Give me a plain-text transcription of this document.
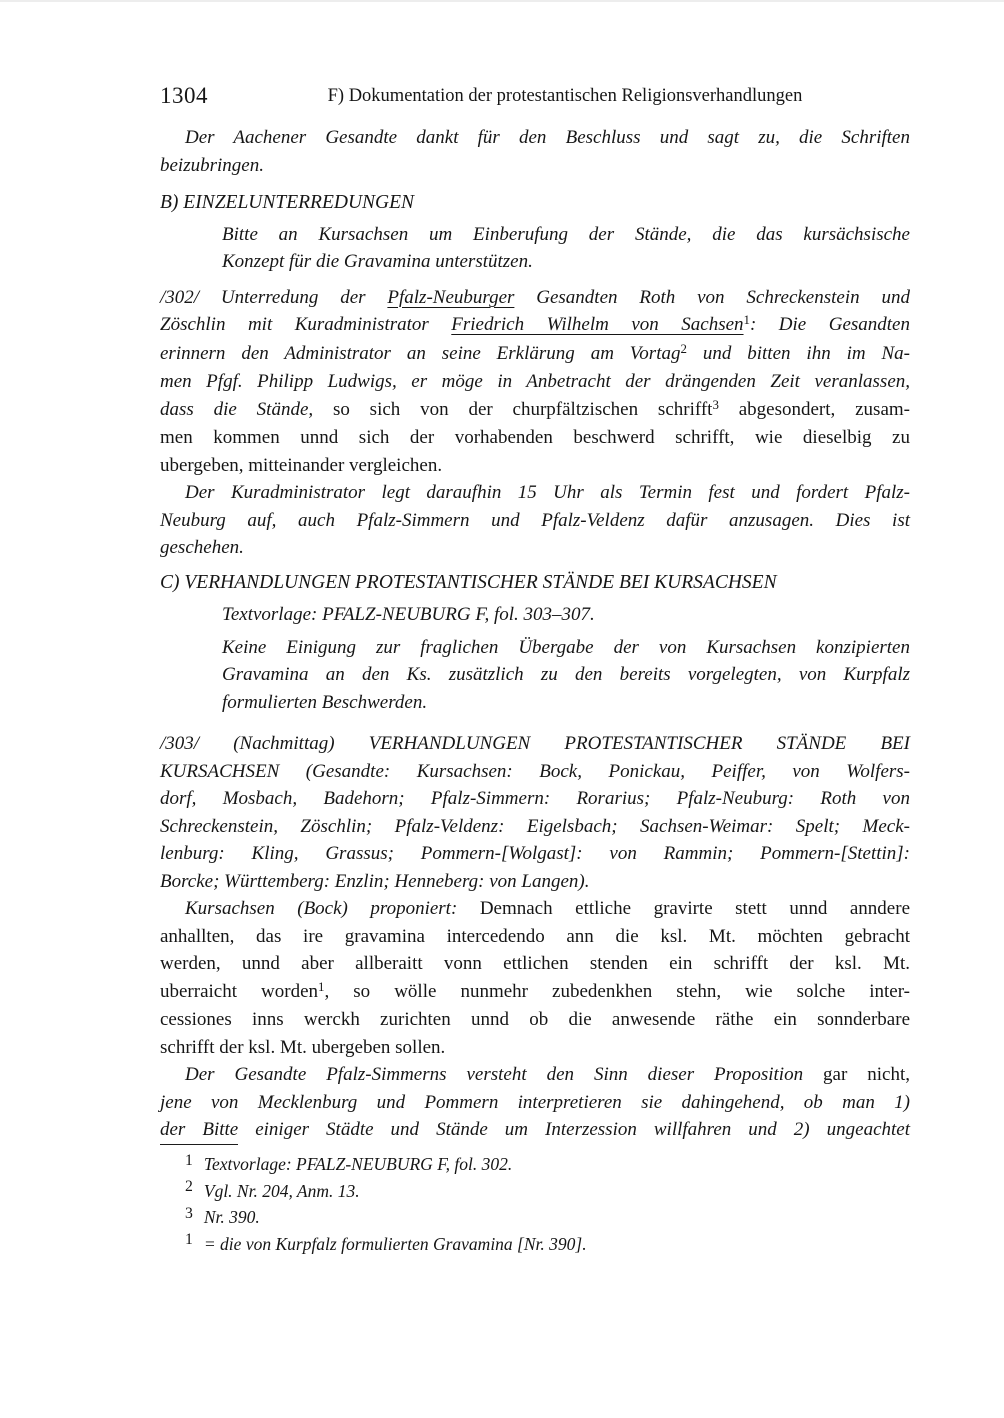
1304	F) Dokumentation der protestantischen Religionsverhandlungen
Der Aachener Gesandte dankt für den Beschluss und sagt zu, die Schriften
beizubringen.
B) EINZELUNTERREDUNGEN
Bitte an Kursachsen um Einberufung der Stände, die das kursächsische
Konzept für die Gravamina unterstützen.
/302/ Unterredung der Pfalz-Neuburger Gesandten Roth von Schreckenstein und
Zöschlin mit Kuradministrator Friedrich Wilhelm von Sachsen$^1$: Die Gesandten
erinnern den Administrator an seine Erklärung am Vortag$^2$ und bitten ihn im Na-
men Pfgf. Philipp Ludwigs, er möge in Anbetracht der drängenden Zeit veranlassen,
dass die Stände, so sich von der churpfältzischen schrifft$^3$ abgesondert, zusam-
men kommen unnd sich der vorhabenden beschwerd schrifft, wie dieselbig zu
ubergeben, mitteinander vergleichen.
Der Kuradministrator legt daraufhin 15 Uhr als Termin fest und fordert Pfalz-
Neuburg auf, auch Pfalz-Simmern und Pfalz-Veldenz dafür anzusagen. Dies ist
geschehen.
C) VERHANDLUNGEN PROTESTANTISCHER STÄNDE BEI KURSACHSEN
Textvorlage: PFALZ-NEUBURG F, fol. 303–307.
Keine Einigung zur fraglichen Übergabe der von Kursachsen konzipierten
Gravamina an den Ks. zusätzlich zu den bereits vorgelegten, von Kurpfalz
formulierten Beschwerden.
/303/ (Nachmittag) VERHANDLUNGEN PROTESTANTISCHER STÄNDE BEI
KURSACHSEN (Gesandte: Kursachsen: Bock, Ponickau, Peiffer, von Wolfers-
dorf, Mosbach, Badehorn; Pfalz-Simmern: Rorarius; Pfalz-Neuburg: Roth von
Schreckenstein, Zöschlin; Pfalz-Veldenz: Eigelsbach; Sachsen-Weimar: Spelt; Meck-
lenburg: Kling, Grassus; Pommern-[Wolgast]: von Rammin; Pommern-[Stettin]:
Borcke; Württemberg: Enzlin; Henneberg: von Langen).
Kursachsen (Bock) proponiert: Demnach ettliche gravirte stett unnd anndere
anhallten, das ire gravamina intercedendo ann die ksl. Mt. möchten gebracht
werden, unnd aber allberaitt vonn ettlichen stenden ein schrifft der ksl. Mt.
uberraicht worden$^1$, so wölle nunmehr zubedenkhen stehn, wie solche inter-
cessiones inns werckh zurichten unnd ob die anwesende räthe ein sonnderbare
schrifft der ksl. Mt. ubergeben sollen.
Der Gesandte Pfalz-Simmerns versteht den Sinn dieser Proposition gar nicht,
jene von Mecklenburg und Pommern interpretieren sie dahingehend, ob man 1)
der Bitte einiger Städte und Stände um Interzession willfahren und 2) ungeachtet
1 Textvorlage: PFALZ-NEUBURG F, fol. 302.
2 Vgl. Nr. 204, Anm. 13.
3 Nr. 390.
1 = die von Kurpfalz formulierten Gravamina [Nr. 390].
